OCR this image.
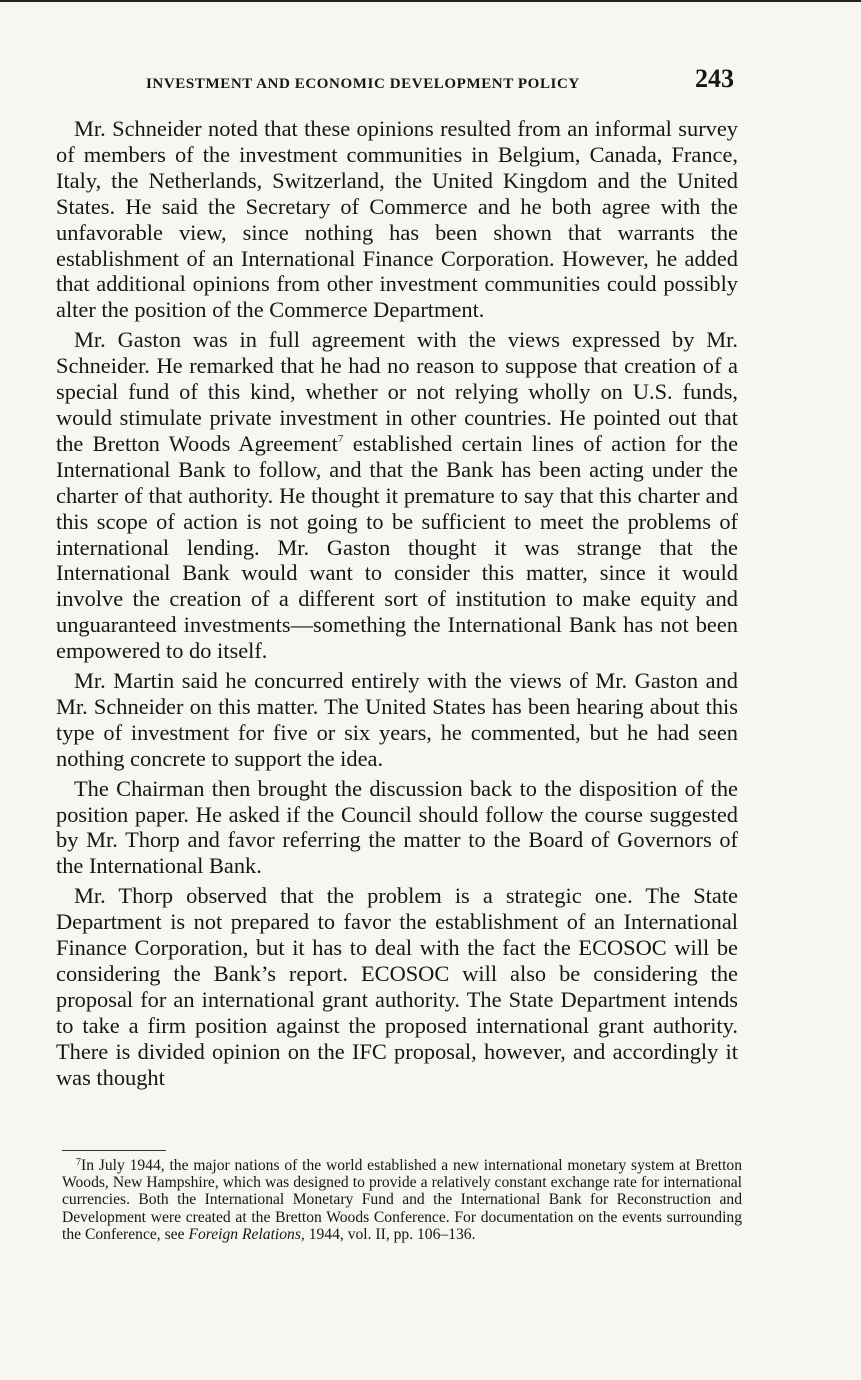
INVESTMENT AND ECONOMIC DEVELOPMENT POLICY	243

Mr. Schneider noted that these opinions resulted from an informal survey of members of the investment communities in Belgium, Canada, France, Italy, the Netherlands, Switzerland, the United Kingdom and the United States. He said the Secretary of Commerce and he both agree with the unfavorable view, since nothing has been shown that warrants the establishment of an International Finance Corporation. However, he added that additional opinions from other investment communities could possibly alter the position of the Commerce Department.

Mr. Gaston was in full agreement with the views expressed by Mr. Schneider. He remarked that he had no reason to suppose that creation of a special fund of this kind, whether or not relying wholly on U.S. funds, would stimulate private investment in other countries. He pointed out that the Bretton Woods Agreement$^7$ established certain lines of action for the International Bank to follow, and that the Bank has been acting under the charter of that authority. He thought it premature to say that this charter and this scope of action is not going to be sufficient to meet the problems of international lending. Mr. Gaston thought it was strange that the International Bank would want to consider this matter, since it would involve the creation of a different sort of institution to make equity and unguaranteed investments—something the International Bank has not been empowered to do itself.

Mr. Martin said he concurred entirely with the views of Mr. Gaston and Mr. Schneider on this matter. The United States has been hearing about this type of investment for five or six years, he commented, but he had seen nothing concrete to support the idea.

The Chairman then brought the discussion back to the disposition of the position paper. He asked if the Council should follow the course suggested by Mr. Thorp and favor referring the matter to the Board of Governors of the International Bank.

Mr. Thorp observed that the problem is a strategic one. The State Department is not prepared to favor the establishment of an International Finance Corporation, but it has to deal with the fact the ECOSOC will be considering the Bank’s report. ECOSOC will also be considering the proposal for an international grant authority. The State Department intends to take a firm position against the proposed international grant authority. There is divided opinion on the IFC proposal, however, and accordingly it was thought

$^7$In July 1944, the major nations of the world established a new international monetary system at Bretton Woods, New Hampshire, which was designed to provide a relatively constant exchange rate for international currencies. Both the International Monetary Fund and the International Bank for Reconstruction and Development were created at the Bretton Woods Conference. For documentation on the events surrounding the Conference, see Foreign Relations, 1944, vol. II, pp. 106–136.
